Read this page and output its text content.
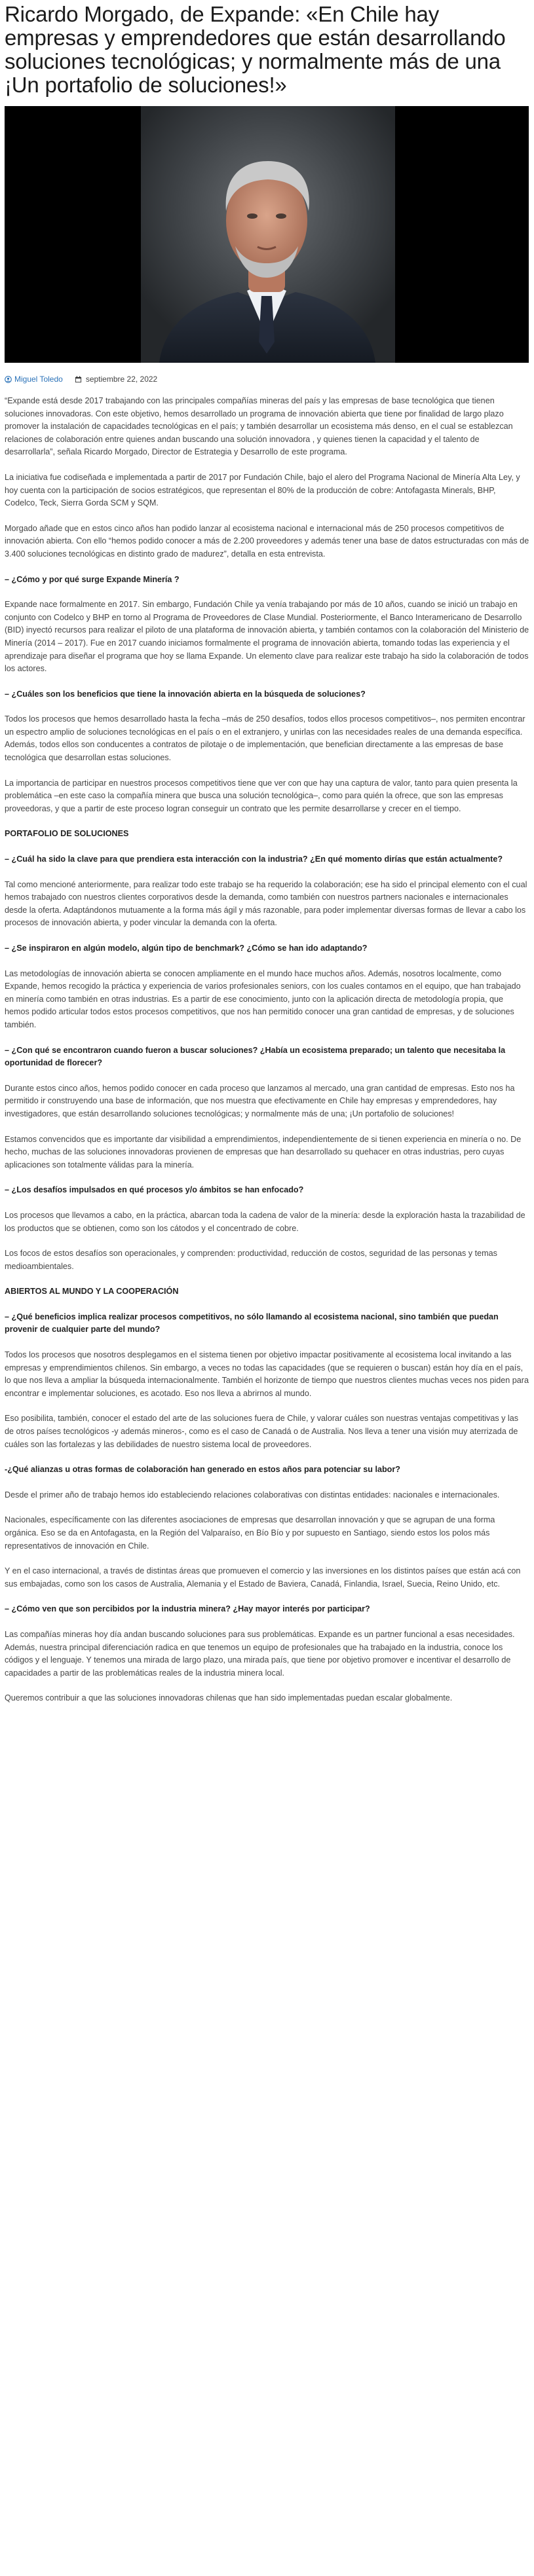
Ricardo Morgado, de Expande: «En Chile hay empresas y emprendedores que están desarrollando soluciones tecnológicas; y normalmente más de una ¡Un portafolio de soluciones!»
Miguel Toledo	septiembre 22, 2022

“Expande está desde 2017 trabajando con las principales compañías mineras del país y las empresas de base tecnológica que tienen soluciones innovadoras. Con este objetivo, hemos desarrollado un programa de innovación abierta que tiene por finalidad de largo plazo promover la instalación de capacidades tecnológicas en el país; y también desarrollar un ecosistema más denso, en el cual se establezcan relaciones de colaboración entre quienes andan buscando una solución innovadora , y quienes tienen la capacidad y el talento de desarrollarla”, señala Ricardo Morgado, Director de Estrategia y Desarrollo de este programa.

La iniciativa fue codiseñada e implementada a partir de 2017 por Fundación Chile, bajo el alero del Programa Nacional de Minería Alta Ley, y hoy cuenta con la participación de socios estratégicos, que representan el 80% de la producción de cobre: Antofagasta Minerals, BHP, Codelco, Teck, Sierra Gorda SCM y SQM.

Morgado añade que en estos cinco años han podido lanzar al ecosistema nacional e internacional más de 250 procesos competitivos de innovación abierta. Con ello “hemos podido conocer a más de 2.200 proveedores y además tener una base de datos estructuradas con más de 3.400 soluciones tecnológicas en distinto grado de madurez”, detalla en esta entrevista.

– ¿Cómo y por qué surge Expande Minería ?

Expande nace formalmente en 2017. Sin embargo, Fundación Chile ya venía trabajando por más de 10 años, cuando se inició un trabajo en conjunto con Codelco y BHP en torno al Programa de Proveedores de Clase Mundial. Posteriormente, el Banco Interamericano de Desarrollo (BID) inyectó recursos para realizar el piloto de una plataforma de innovación abierta, y también contamos con la colaboración del Ministerio de Minería (2014 – 2017). Fue en 2017 cuando iniciamos formalmente el programa de innovación abierta, tomando todas las experiencia y el aprendizaje para diseñar el programa que hoy se llama Expande. Un elemento clave para realizar este trabajo ha sido la colaboración de todos los actores.

– ¿Cuáles son los beneficios que tiene la innovación abierta en la búsqueda de soluciones?

Todos los procesos que hemos desarrollado hasta la fecha –más de 250 desafíos, todos ellos procesos competitivos–, nos permiten encontrar un espectro amplio de soluciones tecnológicas en el país o en el extranjero, y unirlas con las necesidades reales de una demanda específica. Además, todos ellos son conducentes a contratos de pilotaje o de implementación, que benefician directamente a las empresas de base tecnológica que desarrollan estas soluciones.

La importancia de participar en nuestros procesos competitivos tiene que ver con que hay una captura de valor, tanto para quien presenta la problemática –en este caso la compañía minera que busca una solución tecnológica–, como para quién la ofrece, que son las empresas proveedoras, y que a partir de este proceso logran conseguir un contrato que les permite desarrollarse y crecer en el tiempo.

PORTAFOLIO DE SOLUCIONES

– ¿Cuál ha sido la clave para que prendiera esta interacción con la industria? ¿En qué momento dirías que están actualmente?

Tal como mencioné anteriormente, para realizar todo este trabajo se ha requerido la colaboración; ese ha sido el principal elemento con el cual hemos trabajado con nuestros clientes corporativos desde la demanda, como también con nuestros partners nacionales e internacionales desde la oferta. Adaptándonos mutuamente a la forma más ágil y más razonable, para poder implementar diversas formas de llevar a cabo los procesos de innovación abierta, y poder vincular la demanda con la oferta.

– ¿Se inspiraron en algún modelo, algún tipo de benchmark? ¿Cómo se han ido adaptando?

Las metodologías de innovación abierta se conocen ampliamente en el mundo hace muchos años. Además, nosotros localmente, como Expande, hemos recogido la práctica y experiencia de varios profesionales seniors, con los cuales contamos en el equipo, que han trabajado en minería como también en otras industrias. Es a partir de ese conocimiento, junto con la aplicación directa de metodología propia, que hemos podido articular todos estos procesos competitivos, que nos han permitido conocer una gran cantidad de empresas, y de soluciones también.

– ¿Con qué se encontraron cuando fueron a buscar soluciones? ¿Había un ecosistema preparado; un talento que necesitaba la oportunidad de florecer?

Durante estos cinco años, hemos podido conocer en cada proceso que lanzamos al mercado, una gran cantidad de empresas. Esto nos ha permitido ir construyendo una base de información, que nos muestra que efectivamente en Chile hay empresas y emprendedores, hay investigadores, que están desarrollando soluciones tecnológicas; y normalmente más de una; ¡Un portafolio de soluciones!

Estamos convencidos que es importante dar visibilidad a emprendimientos, independientemente de si tienen experiencia en minería o no. De hecho, muchas de las soluciones innovadoras provienen de empresas que han desarrollado su quehacer en otras industrias, pero cuyas aplicaciones son totalmente válidas para la minería.

– ¿Los desafíos impulsados en qué procesos y/o ámbitos se han enfocado?

Los procesos que llevamos a cabo, en la práctica, abarcan toda la cadena de valor de la minería: desde la exploración hasta la trazabilidad de los productos que se obtienen, como son los cátodos y el concentrado de cobre.

Los focos de estos desafíos son operacionales, y comprenden: productividad, reducción de costos, seguridad de las personas y temas medioambientales.

ABIERTOS AL MUNDO Y LA COOPERACIÓN

– ¿Qué beneficios implica realizar procesos competitivos, no sólo llamando al ecosistema nacional, sino también que puedan provenir de cualquier parte del mundo?

Todos los procesos que nosotros desplegamos en el sistema tienen por objetivo impactar positivamente al ecosistema local invitando a las empresas y emprendimientos chilenos. Sin embargo, a veces no todas las capacidades (que se requieren o buscan) están hoy día en el país, lo que nos lleva a ampliar la búsqueda internacionalmente. También el horizonte de tiempo que nuestros clientes muchas veces nos piden para encontrar e implementar soluciones, es acotado. Eso nos lleva a abrirnos al mundo.

Eso posibilita, también, conocer el estado del arte de las soluciones fuera de Chile, y valorar cuáles son nuestras ventajas competitivas y las de otros países tecnológicos -y además mineros-, como es el caso de Canadá o de Australia. Nos lleva a tener una visión muy aterrizada de cuáles son las fortalezas y las debilidades de nuestro sistema local de proveedores.

-¿Qué alianzas u otras formas de colaboración han generado en estos años para potenciar su labor?

Desde el primer año de trabajo hemos ido estableciendo relaciones colaborativas con distintas entidades: nacionales e internacionales.

Nacionales, específicamente con las diferentes asociaciones de empresas que desarrollan innovación y que se agrupan de una forma orgánica. Eso se da en Antofagasta, en la Región del Valparaíso, en Bío Bío y por supuesto en Santiago, siendo estos los polos más representativos de innovación en Chile.

Y en el caso internacional, a través de distintas áreas que promueven el comercio y las inversiones en los distintos países que están acá con sus embajadas, como son los casos de Australia, Alemania y el Estado de Baviera, Canadá, Finlandia, Israel, Suecia, Reino Unido, etc.

– ¿Cómo ven que son percibidos por la industria minera? ¿Hay mayor interés por participar?

Las compañías mineras hoy día andan buscando soluciones para sus problemáticas. Expande es un partner funcional a esas necesidades. Además, nuestra principal diferenciación radica en que tenemos un equipo de profesionales que ha trabajado en la industria, conoce los códigos y el lenguaje. Y tenemos una mirada de largo plazo, una mirada país, que tiene por objetivo promover e incentivar el desarrollo de capacidades a partir de las problemáticas reales de la industria minera local.

Queremos contribuir a que las soluciones innovadoras chilenas que han sido implementadas puedan escalar globalmente.
